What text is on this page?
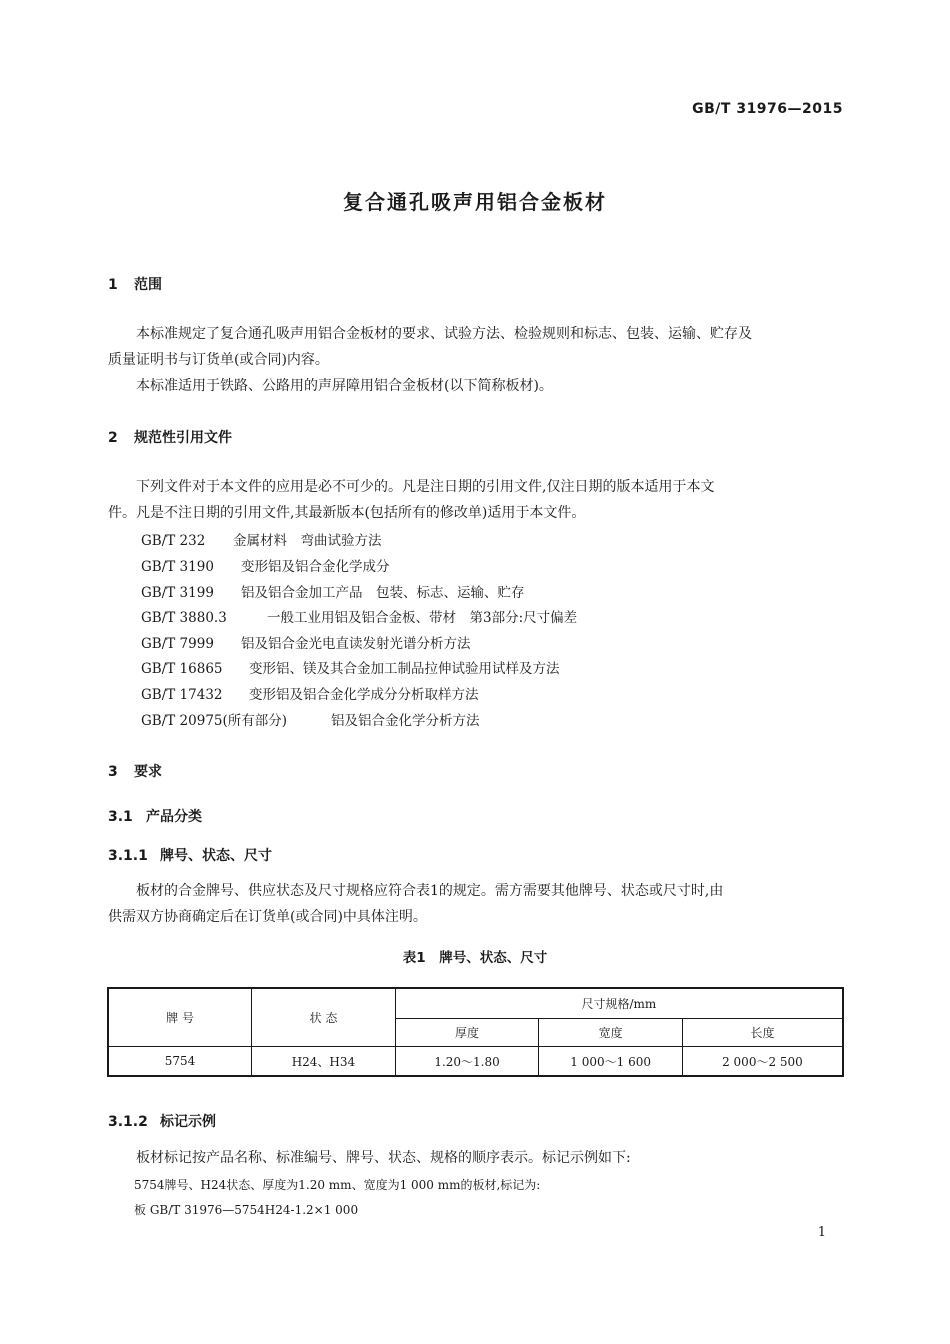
GB/T 31976—2015
复合通孔吸声用铝合金板材
1 范围
本标准规定了复合通孔吸声用铝合金板材的要求、试验方法、检验规则和标志、包装、运输、贮存及
质量证明书与订货单(或合同)内容。
本标准适用于铁路、公路用的声屏障用铝合金板材(以下简称板材)。
2 规范性引用文件
下列文件对于本文件的应用是必不可少的。凡是注日期的引用文件,仅注日期的版本适用于本文
件。凡是不注日期的引用文件,其最新版本(包括所有的修改单)适用于本文件。
GB/T 232 金属材料　弯曲试验方法
GB/T 3190 变形铝及铝合金化学成分
GB/T 3199 铝及铝合金加工产品　包装、标志、运输、贮存
GB/T 3880.3	一般工业用铝及铝合金板、带材　第3部分:尺寸偏差
GB/T 7999 铝及铝合金光电直读发射光谱分析方法
GB/T 16865 变形铝、镁及其合金加工制品拉伸试验用试样及方法
GB/T 17432 变形铝及铝合金化学成分分析取样方法
GB/T 20975(所有部分)	铝及铝合金化学分析方法
3 要求
3.1 产品分类
3.1.1 牌号、状态、尺寸
板材的合金牌号、供应状态及尺寸规格应符合表1的规定。需方需要其他牌号、状态或尺寸时,由
供需双方协商确定后在订货单(或合同)中具体注明。
表1　牌号、状态、尺寸
牌 号	状 态	尺寸规格/mm		
		厚度	宽度	长度
5754	H24、H34	1.20～1.80	1 000～1 600	2 000～2 500
3.1.2 标记示例
板材标记按产品名称、标准编号、牌号、状态、规格的顺序表示。标记示例如下:
5754牌号、H24状态、厚度为1.20 mm、宽度为1 000 mm的板材,标记为:
板 GB/T 31976—5754H24-1.2×1 000
1
